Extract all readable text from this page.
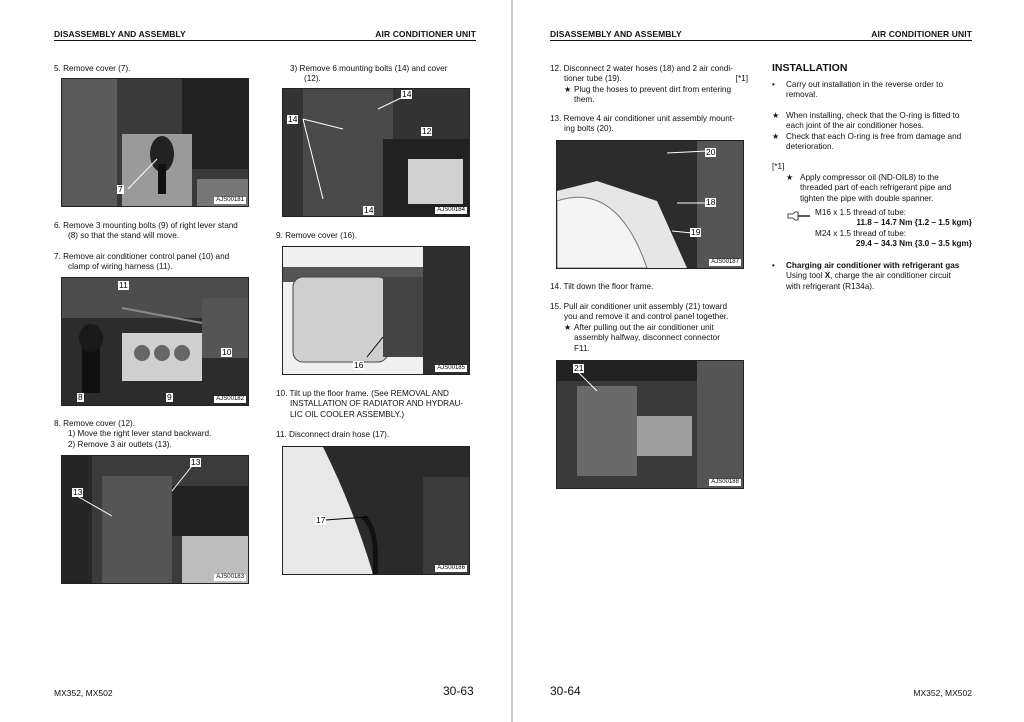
DISASSEMBLY AND ASSEMBLY	AIR CONDITIONER UNIT
5. Remove cover (7).
7
AJS00181
6. Remove 3 mounting bolts (9) of right lever stand
(8) so that the stand will move.
7. Remove air conditioner control panel (10) and
clamp of wiring harness (11).
11
10
8	9	AJS00182
8. Remove cover (12).
1) Move the right lever stand backward.
2) Remove 3 air outlets (13).
13
13
AJS00183
3) Remove 6 mounting bolts (14) and cover
(12).
14
14
14
12
AJS00184
9. Remove cover (16).
16	AJS00185
10. Tilt up the floor frame. (See REMOVAL AND
INSTALLATION OF RADIATOR AND HYDRAU-
LIC OIL COOLER ASSEMBLY.)
11. Disconnect drain hose (17).
17
AJS00186
MX352, MX502	30-63
DISASSEMBLY AND ASSEMBLY	AIR CONDITIONER UNIT
12. Disconnect 2 water hoses (18) and 2 air condi-
tioner tube (19).	[*1]
★ Plug the hoses to prevent dirt from entering
them.
13. Remove 4 air conditioner unit assembly mount-
ing bolts (20).
20
18
19
AJS00187
14. Tilt down the floor frame.
15. Pull air conditioner unit assembly (21) toward
you and remove it and control panel together.
★ After pulling out the air conditioner unit
assembly halfway, disconnect connector
F11.
21
AJS00188
INSTALLATION
• Carry out installation in the reverse order to
removal.
★ When installing, check that the O-ring is fitted to
each joint of the air conditioner hoses.
★ Check that each O-ring is free from damage and
deterioration.
[*1]
★ Apply compressor oil (ND-OIL8) to the
threaded part of each refrigerant pipe and
tighten the pipe with double spanner.
M16 x 1.5 thread of tube:
11.8 – 14.7 Nm {1.2 – 1.5 kgm}
M24 x 1.5 thread of tube:
29.4 – 34.3 Nm {3.0 – 3.5 kgm}
• Charging air conditioner with refrigerant gas
Using tool X, charge the air conditioner circuit
with refrigerant (R134a).
30-64	MX352, MX502
